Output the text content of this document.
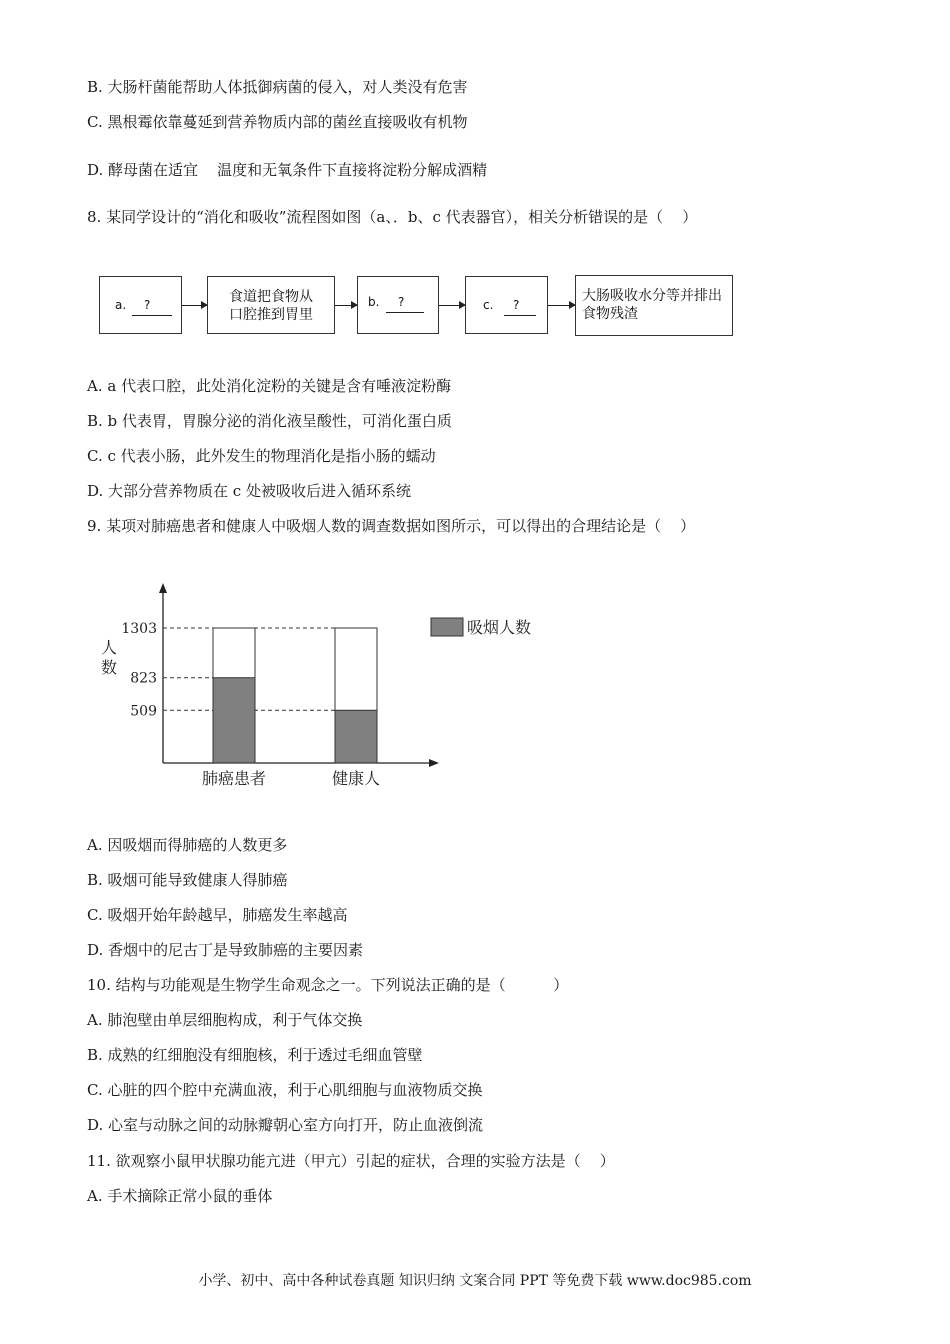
B. 大肠杆菌能帮助人体抵御病菌的侵入，对人类没有危害
C. 黑根霉依靠蔓延到营养物质内部的菌丝直接吸收有机物
D. 酵母菌在适宜    温度和无氧条件下直接将淀粉分解成酒精
8. 某同学设计的“消化和吸收”流程图如图（a、．b、c 代表器官），相关分析错误的是（    ）
a. ?	食道把食物从
口腔推到胃里
b. ?	c. ?
大肠吸收水分等并排出
食物残渣
A. a 代表口腔，此处消化淀粉的关键是含有唾液淀粉酶
B. b 代表胃，胃腺分泌的消化液呈酸性，可消化蛋白质
C. c 代表小肠，此外发生的物理消化是指小肠的蠕动
D. 大部分营养物质在 c 处被吸收后进入循环系统
9. 某项对肺癌患者和健康人中吸烟人数的调查数据如图所示，可以得出的合理结论是（    ）
人数
509
823
1303
肺癌患者	健康人
吸烟人数
A. 因吸烟而得肺癌的人数更多
B. 吸烟可能导致健康人得肺癌
C. 吸烟开始年龄越早，肺癌发生率越高
D. 香烟中的尼古丁是导致肺癌的主要因素
10. 结构与功能观是生物学生命观念之一。下列说法正确的是（          ）
A. 肺泡壁由单层细胞构成，利于气体交换
B. 成熟的红细胞没有细胞核，利于透过毛细血管壁
C. 心脏的四个腔中充满血液，利于心肌细胞与血液物质交换
D. 心室与动脉之间的动脉瓣朝心室方向打开，防止血液倒流
11. 欲观察小鼠甲状腺功能亢进（甲亢）引起的症状，合理的实验方法是（    ）
A. 手术摘除正常小鼠的垂体
小学、初中、高中各种试卷真题 知识归纳 文案合同 PPT 等免费下载 www.doc985.com
